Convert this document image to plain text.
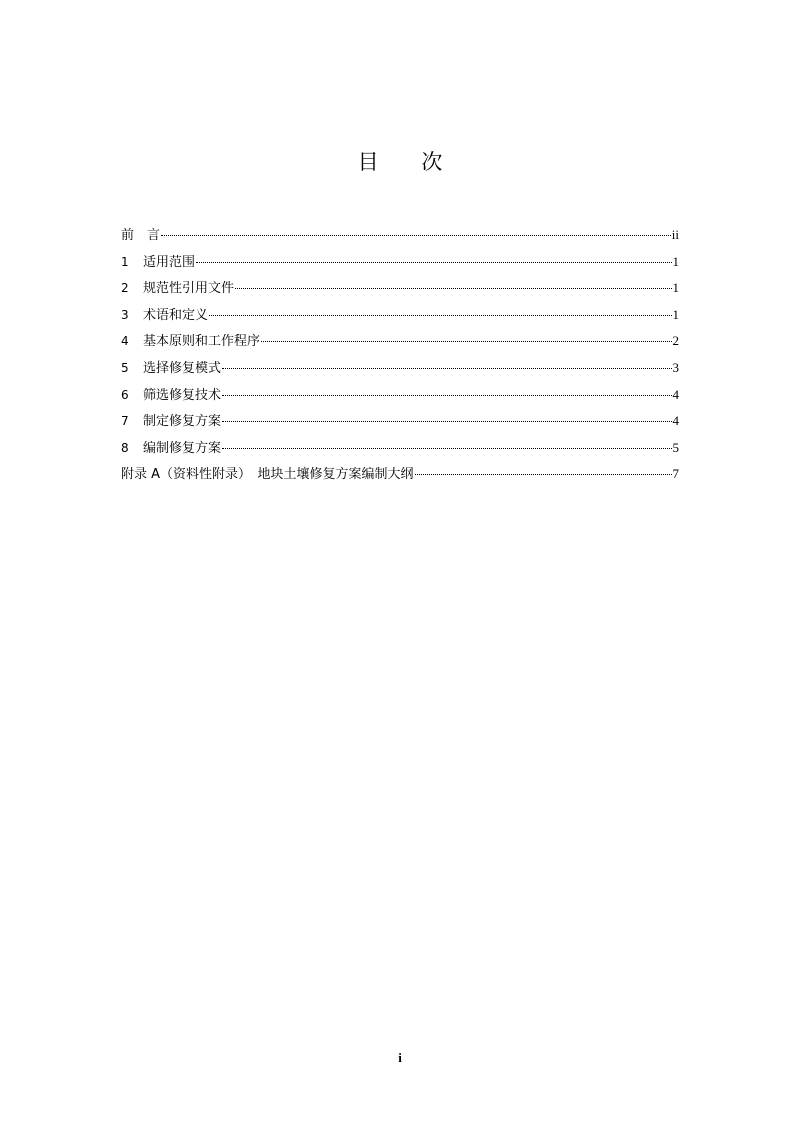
目 次
前　言	ii
1	适用范围	1
2	规范性引用文件	1
3	术语和定义	1
4	基本原则和工作程序	2
5	选择修复模式	3
6	筛选修复技术	4
7	制定修复方案	4
8	编制修复方案	5
附录 A（资料性附录）　地块土壤修复方案编制大纲	7
i
